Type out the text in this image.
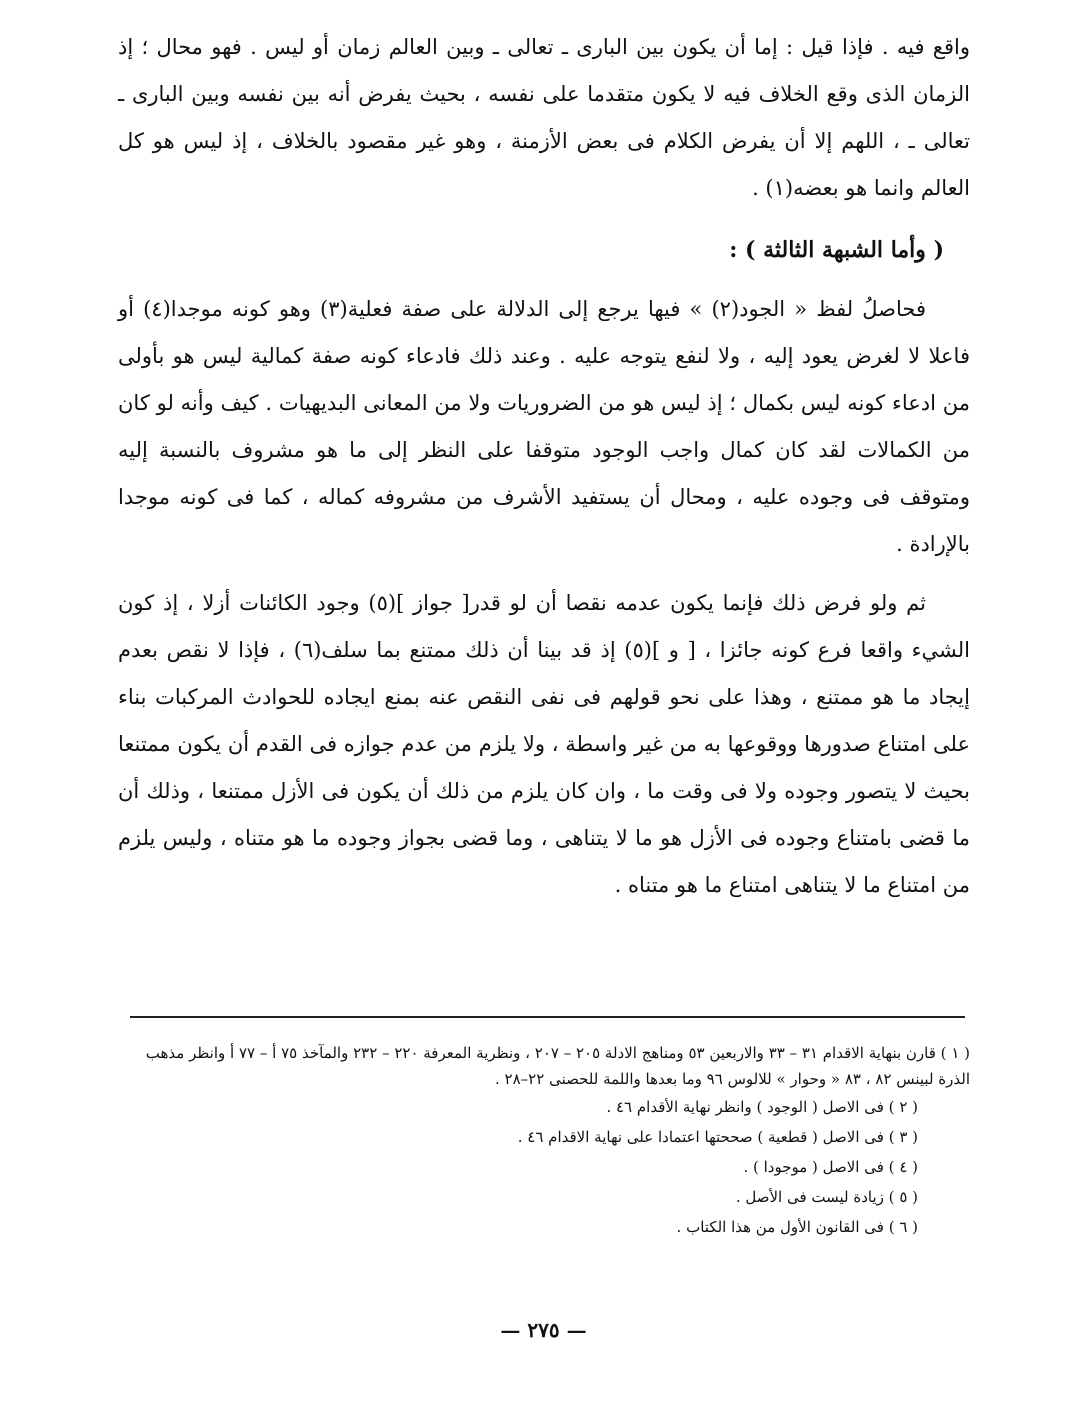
واقع فيه . فإذا قيل : إما أن يكون بين البارى ـ تعالى ـ وبين العالم زمان أو ليس . فهو محال ؛ إذ الزمان الذى وقع الخلاف فيه لا يكون متقدما على نفسه ، بحيث يفرض أنه بين نفسه وبين البارى ـ تعالى ـ ، اللهم إلا أن يفرض الكلام فى بعض الأزمنة ، وهو غير مقصود بالخلاف ، إذ ليس هو كل العالم وانما هو بعضه(١) .

( وأما الشبهة الثالثة ) :

فحاصلُ لفظ « الجود(٢) » فيها يرجع إلى الدلالة على صفة فعلية(٣) وهو كونه موجدا(٤) أو فاعلا لا لغرض يعود إليه ، ولا لنفع يتوجه عليه . وعند ذلك فادعاء كونه صفة كمالية ليس هو بأولى من ادعاء كونه ليس بكمال ؛ إذ ليس هو من الضروريات ولا من المعانى البديهيات . كيف وأنه لو كان من الكمالات لقد كان كمال واجب الوجود متوقفا على النظر إلى ما هو مشروف بالنسبة إليه ومتوقف فى وجوده عليه ، ومحال أن يستفيد الأشرف من مشروفه كماله ، كما فى كونه موجدا بالإرادة .

ثم ولو فرض ذلك فإنما يكون عدمه نقصا أن لو قدر[ جواز ](٥) وجود الكائنات أزلا ، إذ كون الشيء واقعا فرع كونه جائزا ، [ و ](٥) إذ قد بينا أن ذلك ممتنع بما سلف(٦) ، فإذا لا نقص بعدم إيجاد ما هو ممتنع ، وهذا على نحو قولهم فى نفى النقص عنه بمنع ايجاده للحوادث المركبات بناء على امتناع صدورها ووقوعها به من غير واسطة ، ولا يلزم من عدم جوازه فى القدم أن يكون ممتنعا بحيث لا يتصور وجوده ولا فى وقت ما ، وان كان يلزم من ذلك أن يكون فى الأزل ممتنعا ، وذلك أن ما قضى بامتناع وجوده فى الأزل هو ما لا يتناهى ، وما قضى بجواز وجوده ما هو متناه ، وليس يلزم من امتناع ما لا يتناهى امتناع ما هو متناه .

( ١ ) قارن بنهاية الاقدام ٣١ – ٣٣ والاربعين ٥٣ ومناهج الادلة ٢٠٥ – ٢٠٧ ، ونظرية المعرفة ٢٢٠ – ٢٣٢ والمآخذ ٧٥ أ – ٧٧ أ وانظر مذهب الذرة لبينس ٨٢ ، ٨٣ « وحوار » للالوس ٩٦ وما بعدها واللمة للحصنى ٢٢–٢٨ .

( ٢ ) فى الاصل ( الوجود ) وانظر نهاية الأقدام ٤٦ .

( ٣ ) فى الاصل ( قطعية ) صححتها اعتمادا على نهاية الاقدام ٤٦ .

( ٤ ) فى الاصل ( موجودا ) .

( ٥ ) زيادة ليست فى الأصل .

( ٦ ) فى القانون الأول من هذا الكتاب .

— ٢٧٥ —
